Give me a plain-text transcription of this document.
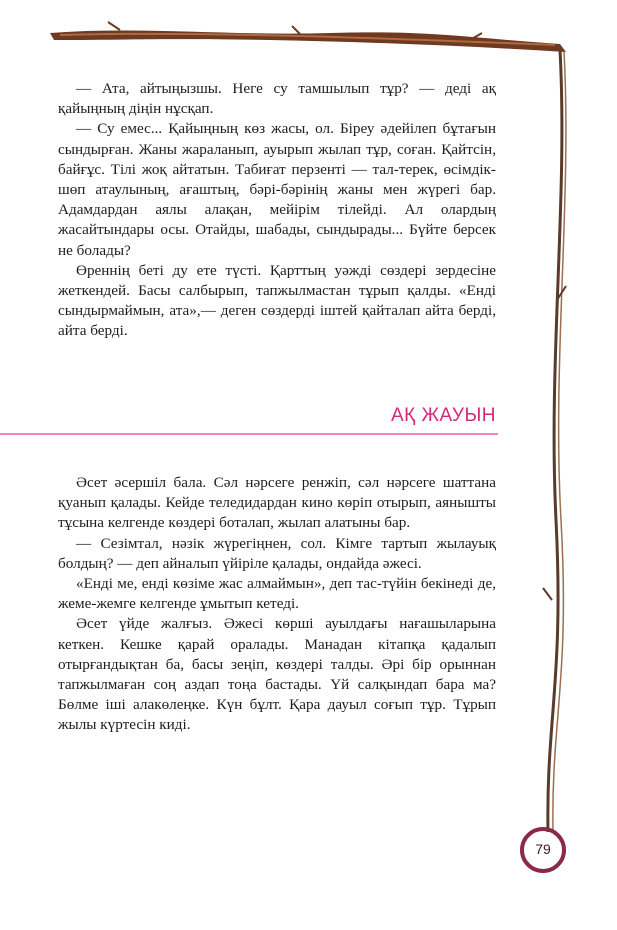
— Ата, айтыңызшы. Неге су тамшылып тұр? — деді ақ қайыңның діңін нұсқап.

— Су емес... Қайыңның көз жасы, ол. Біреу әдейілеп бұтағын сындырған. Жаны жараланып, ауырып жылап тұр, соған. Қайтсін, байғұс. Тілі жоқ айтатын. Табиғат перзенті — тал-терек, өсімдік-шөп атаулының, ағаштың, бәрі-бәрінің жаны мен жүрегі бар. Адамдардан аялы алақан, мейірім тілейді. Ал олардың жасайтындары осы. Отайды, шабады, сындырады... Бүйте берсек не болады?

Өреннің беті ду ете түсті. Қарттың уәжді сөздері зердесіне жеткендей. Басы салбырып, тапжылмастан тұрып қалды. «Енді сындырмаймын, ата»,— деген сөздерді іштей қайталап айта берді, айта берді.

АҚ ЖАУЫН

Әсет әсершіл бала. Сәл нәрсеге ренжіп, сәл нәрсеге шаттана қуанып қалады. Кейде теледидардан кино көріп отырып, аянышты тұсына келгенде көздері боталап, жылап алатыны бар.

— Сезімтал, нәзік жүрегіңнен, сол. Кімге тартып жылауық болдың? — деп айналып үйіріле қалады, ондайда әжесі.

«Енді ме, енді көзіме жас алмаймын», деп тас-түйін бекінеді де, жеме-жемге келгенде ұмытып кетеді.

Әсет үйде жалғыз. Әжесі көрші ауылдағы нағашыларына кеткен. Кешке қарай оралады. Манадан кітапқа қадалып отырғандықтан ба, басы зеңіп, көздері талды. Әрі бір орыннан тапжылмаған соң аздап тоңа бастады. Үй салқындап бара ма? Бөлме іші алакөлеңке. Күн бұлт. Қара дауыл соғып тұр. Тұрып жылы күртесін киді.

79
